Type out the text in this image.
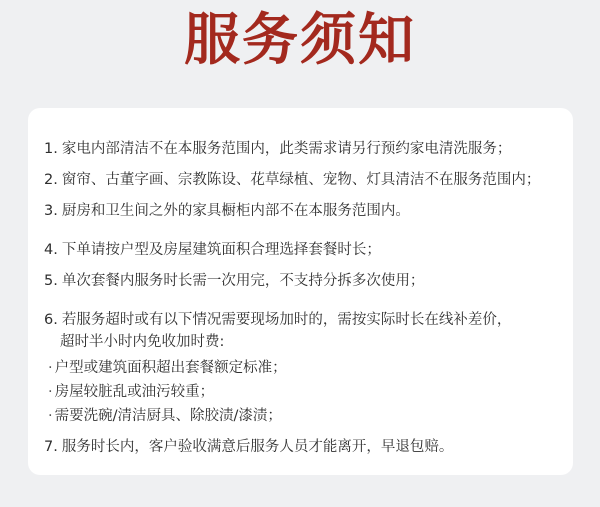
服务须知
1. 家电内部清洁不在本服务范围内，此类需求请另行预约家电清洗服务；
2. 窗帘、古董字画、宗教陈设、花草绿植、宠物、灯具清洁不在服务范围内；
3. 厨房和卫生间之外的家具橱柜内部不在本服务范围内。
4. 下单请按户型及房屋建筑面积合理选择套餐时长；
5. 单次套餐内服务时长需一次用完，不支持分拆多次使用；
6. 若服务超时或有以下情况需要现场加时的，需按实际时长在线补差价，
超时半小时内免收加时费:
· 户型或建筑面积超出套餐额定标准；
· 房屋较脏乱或油污较重；
· 需要洗碗/清洁厨具、除胶渍/漆渍；
7. 服务时长内，客户验收满意后服务人员才能离开，早退包赔。
